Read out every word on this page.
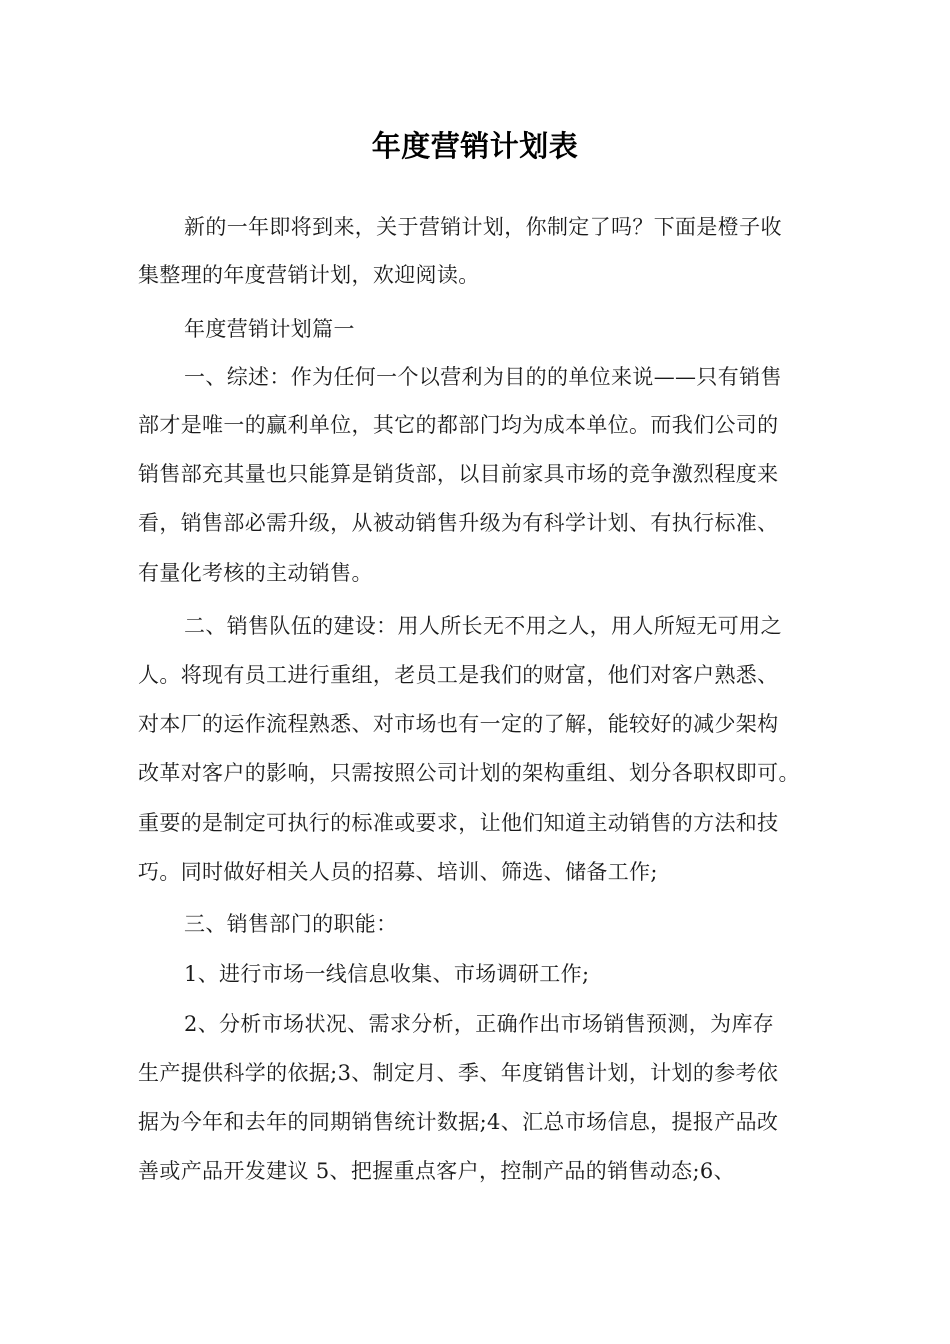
年度营销计划表
新的一年即将到来，关于营销计划，你制定了吗？下面是橙子收
集整理的年度营销计划，欢迎阅读。
年度营销计划篇一
一、综述：作为任何一个以营利为目的的单位来说——只有销售
部才是唯一的赢利单位，其它的都部门均为成本单位。而我们公司的
销售部充其量也只能算是销货部，以目前家具市场的竞争激烈程度来
看，销售部必需升级，从被动销售升级为有科学计划、有执行标准、
有量化考核的主动销售。
二、销售队伍的建设：用人所长无不用之人，用人所短无可用之
人。将现有员工进行重组，老员工是我们的财富，他们对客户熟悉、
对本厂的运作流程熟悉、对市场也有一定的了解，能较好的减少架构
改革对客户的影响，只需按照公司计划的架构重组、划分各职权即可。
重要的是制定可执行的标准或要求，让他们知道主动销售的方法和技
巧。同时做好相关人员的招募、培训、筛选、储备工作;
三、销售部门的职能：
1、进行市场一线信息收集、市场调研工作;
2、分析市场状况、需求分析，正确作出市场销售预测，为库存
生产提供科学的依据;3、制定月、季、年度销售计划，计划的参考依
据为今年和去年的同期销售统计数据;4、汇总市场信息，提报产品改
善或产品开发建议 5、把握重点客户，控制产品的销售动态;6、
